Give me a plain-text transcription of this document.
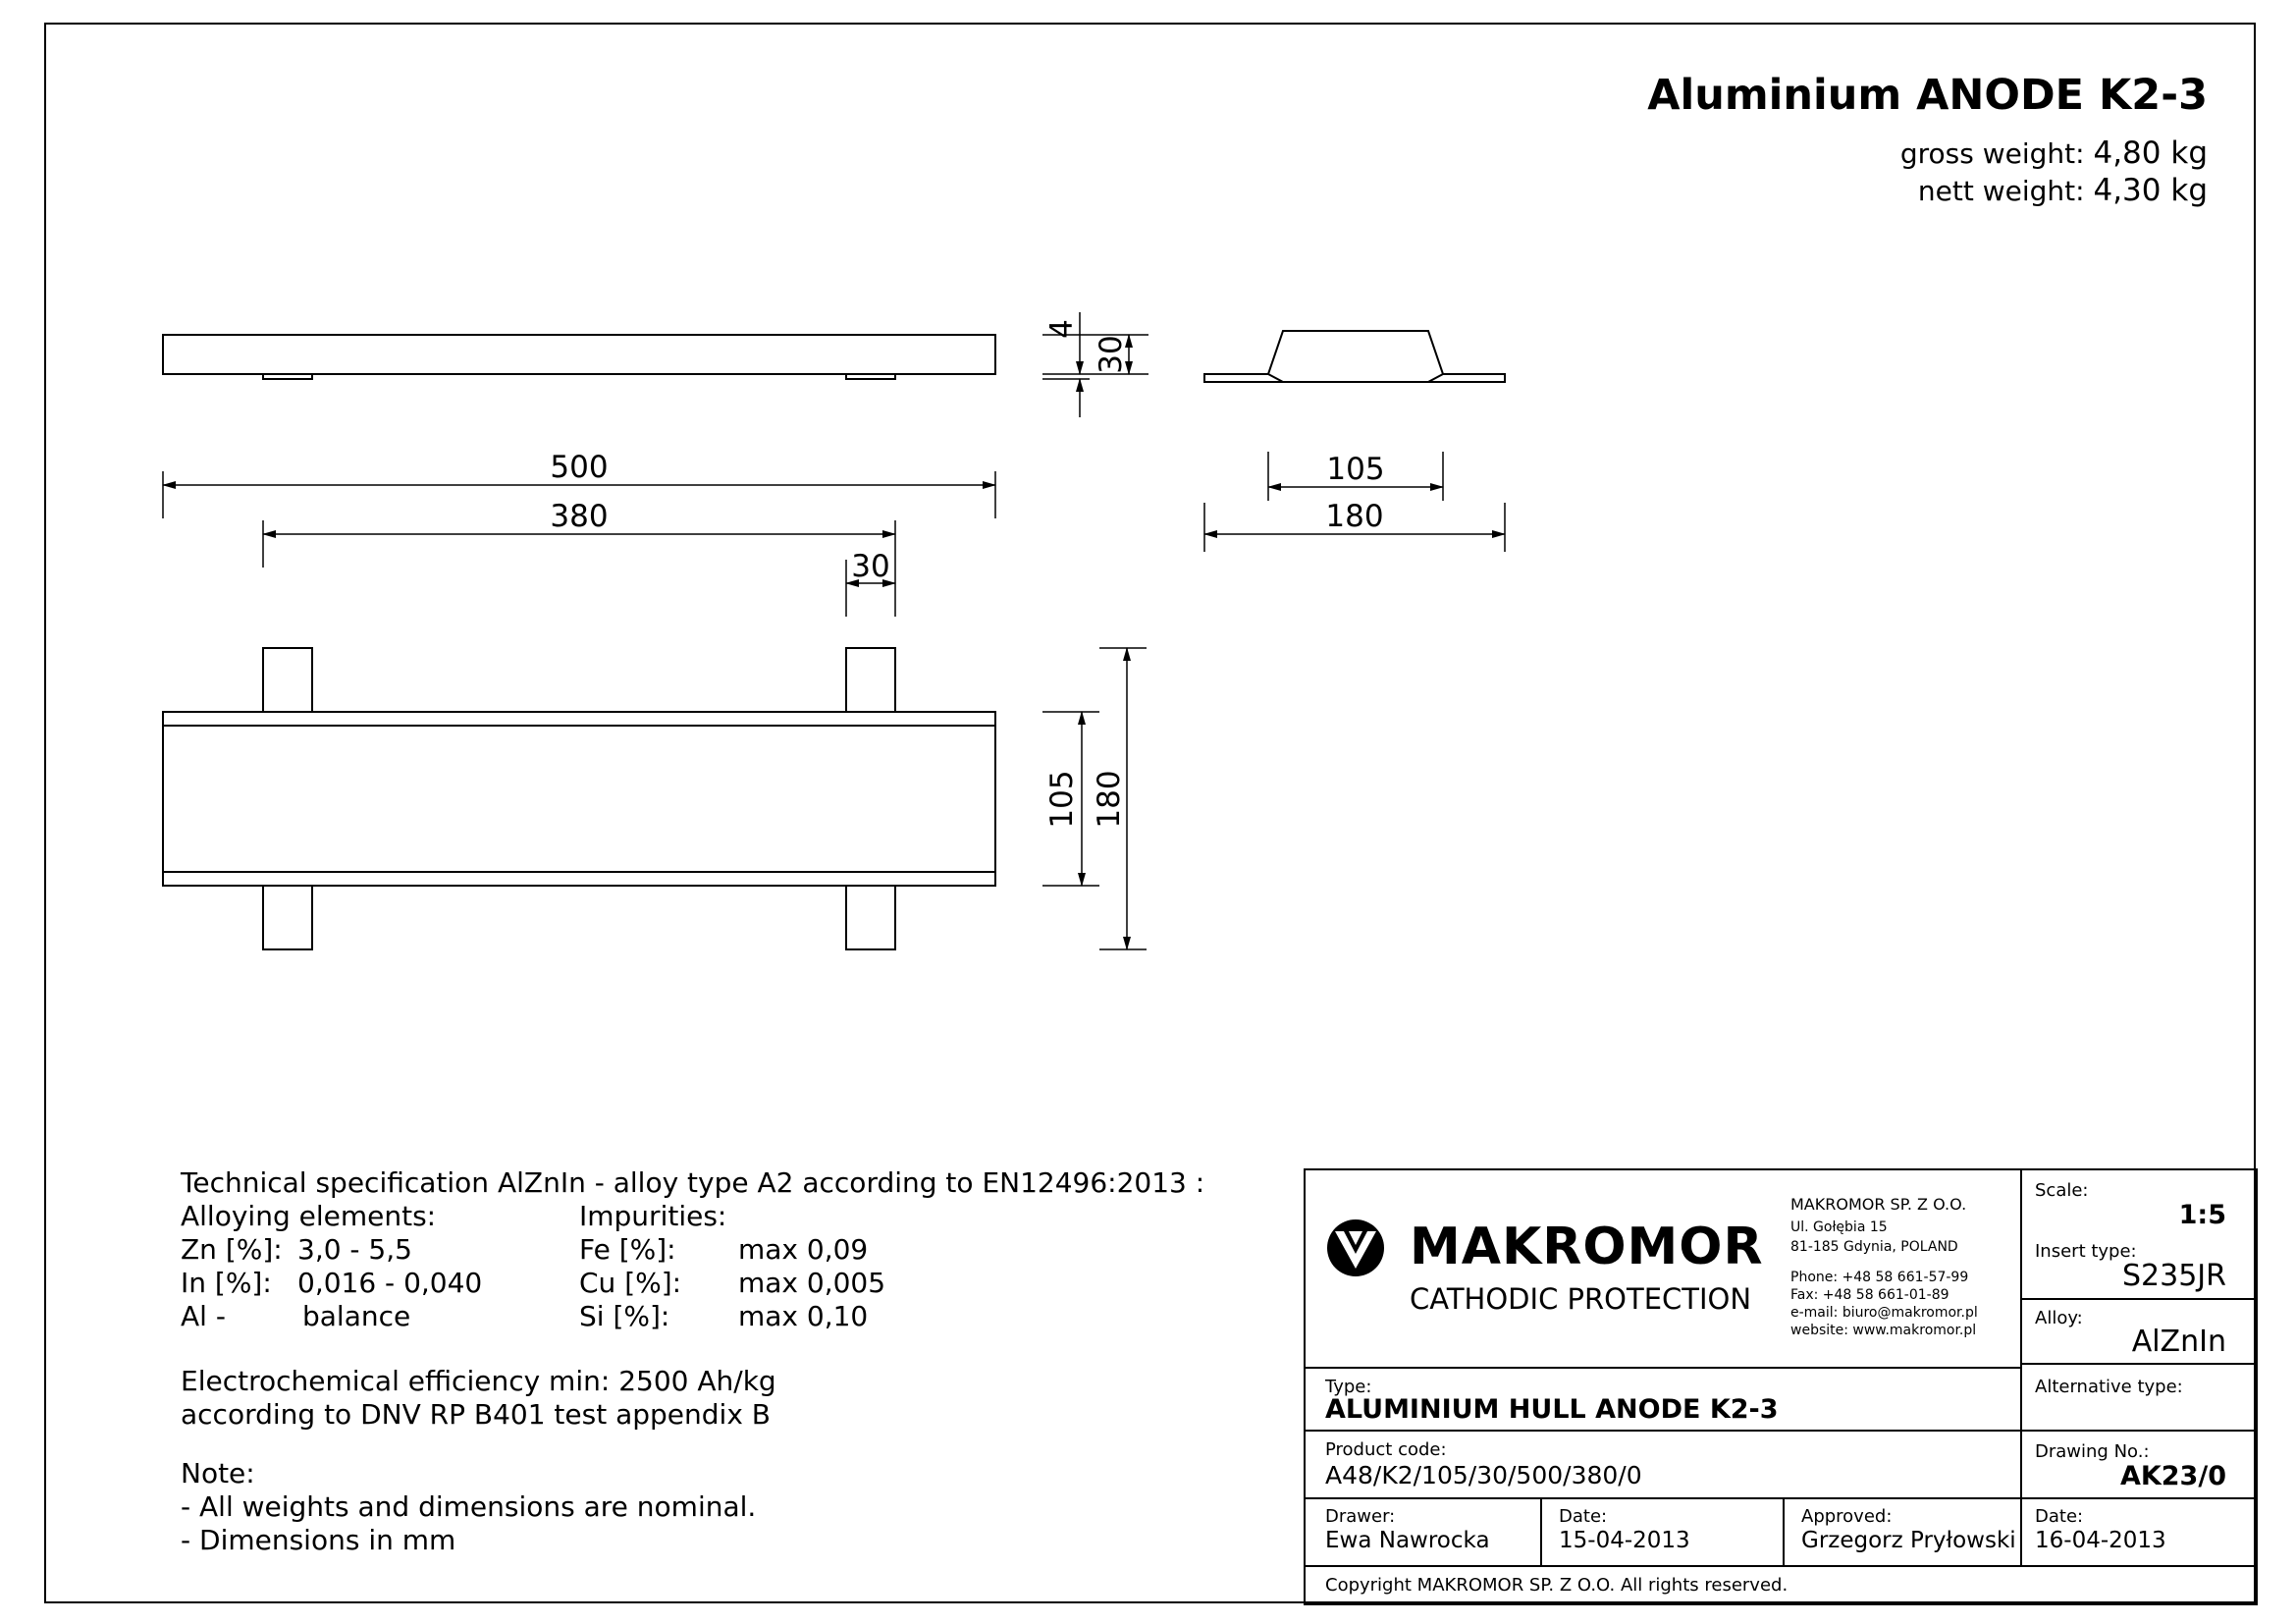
Aluminium ANODE K2-3
gross weight: 4,80 kg
nett weight: 4,30 kg
4
30
500
380
30
105
180
105 180
Technical specification AlZnIn - alloy type A2 according to EN12496:2013 :
Alloying elements:	Impurities:
Zn [%]: 3,0 - 5,5
In [%]: 0,016 - 0,040
Al -	balance
Fe [%]: max 0,09
Cu [%]: max 0,005
Si [%]: max 0,10
Electrochemical efficiency min: 2500 Ah/kg
according to DNV RP B401 test appendix B
Note:
- All weights and dimensions are nominal.
- Dimensions in mm
MAKROMOR
CATHODIC PROTECTION
MAKROMOR SP. Z O.O.
Ul. Gołębia 15
81-185 Gdynia, POLAND
Phone: +48 58 661-57-99
Fax: +48 58 661-01-89
e-mail: biuro@makromor.pl
website: www.makromor.pl
Scale:
1:5
Insert type:
S235JR
Alloy:
AlZnIn
Alternative type:
Drawing No.:
AK23/0
Type:
ALUMINIUM HULL ANODE K2-3
Product code:
A48/K2/105/30/500/380/0
Drawer:
Ewa Nawrocka
Date:
15-04-2013
Approved:
Grzegorz Pryłowski
Date:
16-04-2013
Copyright MAKROMOR SP. Z O.O. All rights reserved.
